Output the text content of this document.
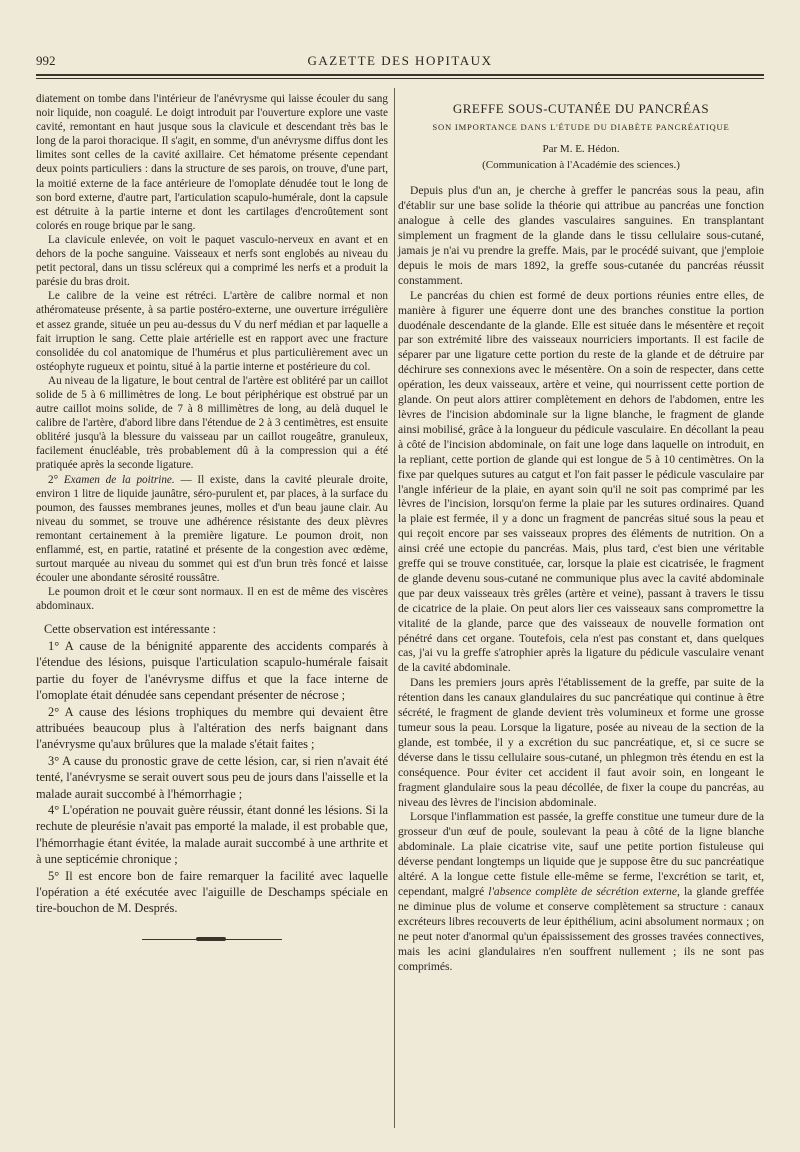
992	GAZETTE DES HOPITAUX

diatement on tombe dans l'intérieur de l'anévrysme qui laisse écouler du sang noir liquide, non coagulé. Le doigt introduit par l'ouverture explore une vaste cavité, remontant en haut jusque sous la clavicule et descendant très bas le long de la paroi thoracique. Il s'agit, en somme, d'un anévrysme diffus dont les limites sont celles de la cavité axillaire. Cet hématome présente cependant deux points particuliers : dans la structure de ses parois, on trouve, d'une part, la moitié externe de la face antérieure de l'omoplate dénudée tout le long de son bord externe, d'autre part, l'articulation scapulo-humérale, dont la capsule est détruite à la partie interne et dont les cartilages d'encroûtement sont colorés en rouge brique par le sang.

La clavicule enlevée, on voit le paquet vasculo-nerveux en avant et en dehors de la poche sanguine. Vaisseaux et nerfs sont englobés au niveau du petit pectoral, dans un tissu scléreux qui a comprimé les nerfs et a produit la parésie du bras droit.

Le calibre de la veine est rétréci. L'artère de calibre normal et non athéromateuse présente, à sa partie postéro-externe, une ouverture irrégulière et assez grande, située un peu au-dessus du V du nerf médian et par laquelle a fait irruption le sang. Cette plaie artérielle est en rapport avec une fracture consolidée du col anatomique de l'humérus et plus particulièrement avec un ostéophyte rugueux et pointu, situé à la partie interne et postérieure du col.

Au niveau de la ligature, le bout central de l'artère est oblitéré par un caillot solide de 5 à 6 millimètres de long. Le bout périphérique est obstrué par un autre caillot moins solide, de 7 à 8 millimètres de long, au delà duquel le calibre de l'artère, d'abord libre dans l'étendue de 2 à 3 centimètres, est ensuite oblitéré jusqu'à la blessure du vaisseau par un caillot rougeâtre, granuleux, facilement énucléable, très probablement dû à la compression qui a été pratiquée après la seconde ligature.

2° Examen de la poitrine. — Il existe, dans la cavité pleurale droite, environ 1 litre de liquide jaunâtre, séro-purulent et, par places, à la surface du poumon, des fausses membranes jeunes, molles et d'un beau jaune clair. Au niveau du sommet, se trouve une adhérence résistante des deux plèvres remontant certainement à la première ligature. Le poumon droit, non enflammé, est, en partie, ratatiné et présente de la congestion avec œdème, surtout marquée au niveau du sommet qui est d'un brun très foncé et laisse écouler une abondante sérosité roussâtre.

Le poumon droit et le cœur sont normaux. Il en est de même des viscères abdominaux.

Cette observation est intéressante :

1° A cause de la bénignité apparente des accidents comparés à l'étendue des lésions, puisque l'articulation scapulo-humérale faisait partie du foyer de l'anévrysme diffus et que la face interne de l'omoplate était dénudée sans cependant présenter de nécrose ;

2° A cause des lésions trophiques du membre qui devaient être attribuées beaucoup plus à l'altération des nerfs baignant dans l'anévrysme qu'aux brûlures que la malade s'était faites ;

3° A cause du pronostic grave de cette lésion, car, si rien n'avait été tenté, l'anévrysme se serait ouvert sous peu de jours dans l'aisselle et la malade aurait succombé à l'hémorrhagie ;

4° L'opération ne pouvait guère réussir, étant donné les lésions. Si la rechute de pleurésie n'avait pas emporté la malade, il est probable que, l'hémorrhagie étant évitée, la malade aurait succombé à une arthrite et à une septicémie chronique ;

5° Il est encore bon de faire remarquer la facilité avec laquelle l'opération a été exécutée avec l'aiguille de Deschamps spéciale en tire-bouchon de M. Després.

GREFFE SOUS-CUTANÉE DU PANCRÉAS
SON IMPORTANCE DANS L'ÉTUDE DU DIABÈTE PANCRÉATIQUE
Par M. E. Hédon.
(Communication à l'Académie des sciences.)

Depuis plus d'un an, je cherche à greffer le pancréas sous la peau, afin d'établir sur une base solide la théorie qui attribue au pancréas une fonction analogue à celle des glandes vasculaires sanguines. En transplantant simplement un fragment de la glande dans le tissu cellulaire sous-cutané, jamais je n'ai vu prendre la greffe. Mais, par le procédé suivant, que j'emploie depuis le mois de mars 1892, la greffe sous-cutanée du pancréas réussit constamment.

Le pancréas du chien est formé de deux portions réunies entre elles, de manière à figurer une équerre dont une des branches constitue la portion duodénale descendante de la glande. Elle est située dans le mésentère et reçoit par son extrémité libre des vaisseaux nourriciers importants. Il est facile de séparer par une ligature cette portion du reste de la glande et de détruire par déchirure ses connexions avec le mésentère. On a soin de respecter, dans cette opération, les deux vaisseaux, artère et veine, qui nourrissent cette portion de glande. On peut alors attirer complètement en dehors de l'abdomen, entre les lèvres de l'incision abdominale sur la ligne blanche, le fragment de glande ainsi mobilisé, grâce à la longueur du pédicule vasculaire. En décollant la peau à côté de l'incision abdominale, on fait une loge dans laquelle on introduit, en la repliant, cette portion de glande qui est longue de 5 à 10 centimètres. On la fixe par quelques sutures au catgut et l'on fait passer le pédicule vasculaire par l'angle inférieur de la plaie, en ayant soin qu'il ne soit pas comprimé par les lèvres de l'incision, lorsqu'on ferme la plaie par les sutures ordinaires. Quand la plaie est fermée, il y a donc un fragment de pancréas situé sous la peau et qui reçoit encore par ses vaisseaux propres des éléments de nutrition. On a ainsi créé une ectopie du pancréas. Mais, plus tard, c'est bien une véritable greffe qui se trouve constituée, car, lorsque la plaie est cicatrisée, le fragment de glande devenu sous-cutané ne communique plus avec la cavité abdominale que par deux vaisseaux très grêles (artère et veine), passant à travers le tissu de cicatrice de la plaie. On peut alors lier ces vaisseaux sans compromettre la vitalité de la glande, parce que des vaisseaux de nouvelle formation ont pénétré dans cet organe. Toutefois, cela n'est pas constant et, dans quelques cas, j'ai vu la greffe s'atrophier après la ligature du pédicule vasculaire venant de la cavité abdominale.

Dans les premiers jours après l'établissement de la greffe, par suite de la rétention dans les canaux glandulaires du suc pancréatique qui continue à être sécrété, le fragment de glande devient très volumineux et forme une grosse tumeur sous la peau. Lorsque la ligature, posée au niveau de la section de la glande, est tombée, il y a excrétion du suc pancréatique, et, si ce sucre se déverse dans le tissu cellulaire sous-cutané, un phlegmon très étendu en est la conséquence. Pour éviter cet accident il faut avoir soin, en longeant le fragment glandulaire sous la peau décollée, de fixer la coupe du pancréas, au niveau des lèvres de l'incision abdominale.

Lorsque l'inflammation est passée, la greffe constitue une tumeur dure de la grosseur d'un œuf de poule, soulevant la peau à côté de la ligne blanche abdominale. La plaie cicatrise vite, sauf une petite portion fistuleuse qui déverse pendant longtemps un liquide que je suppose être du suc pancréatique altéré. A la longue cette fistule elle-même se ferme, l'excrétion se tarit, et, cependant, malgré l'absence complète de sécrétion externe, la glande greffée ne diminue plus de volume et conserve complètement sa structure : canaux excréteurs libres recouverts de leur épithélium, acini absolument normaux ; on ne peut noter d'anormal qu'un épaississement des grosses travées connectives, mais les acini glandulaires n'en souffrent nullement ; ils ne sont pas comprimés.
